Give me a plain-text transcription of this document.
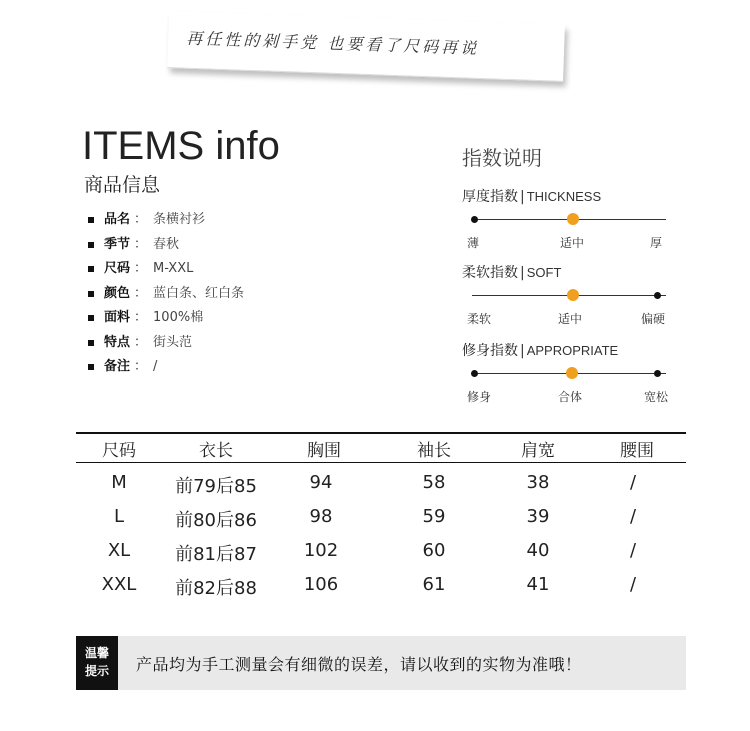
再任性的剁手党 也要看了尺码再说
ITEMS info
商品信息
品名 ： 条横衬衫
季节 ： 春秋
尺码 ： M-XXL
颜色 ： 蓝白条、红白条
面料 ： 100%棉
特点 ： 街头范
备注 ： /
指数说明
厚度指数 | THICKNESS
薄	适中	厚
柔软指数 | SOFT
柔软	适中	偏硬
修身指数 | APPROPRIATE
修身	合体	宽松
尺码	衣长	胸围	袖长	肩宽	腰围
M	前79后85	94	58	38	/
L	前80后86	98	59	39	/
XL 前81后87	102	60	40	/
XXL 前82后88	106	61	41	/
温馨
提示	产品均为手工测量会有细微的误差，请以收到的实物为准哦！
